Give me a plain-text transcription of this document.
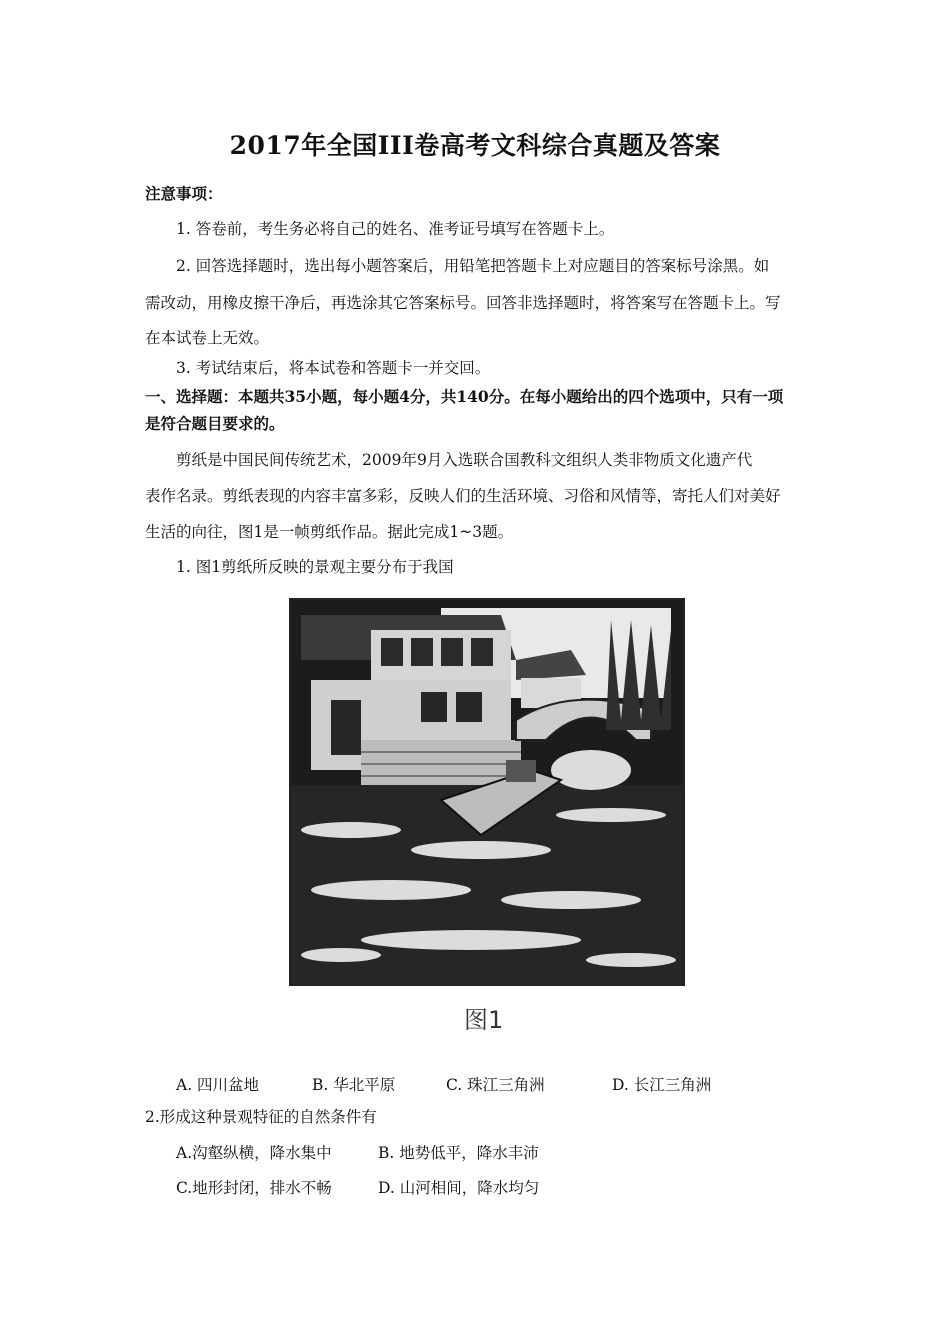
2017年全国III卷高考文科综合真题及答案
注意事项：
1. 答卷前，考生务必将自己的姓名、准考证号填写在答题卡上。
2. 回答选择题时，选出每小题答案后，用铅笔把答题卡上对应题目的答案标号涂黑。如
需改动，用橡皮擦干净后，再选涂其它答案标号。回答非选择题时，将答案写在答题卡上。写
在本试卷上无效。
3. 考试结束后，将本试卷和答题卡一并交回。
一、选择题：本题共35小题，每小题4分，共140分。在每小题给出的四个选项中，只有一项
是符合题目要求的。
剪纸是中国民间传统艺术，2009年9月入选联合国教科文组织人类非物质文化遗产代
表作名录。剪纸表现的内容丰富多彩，反映人们的生活环境、习俗和风情等，寄托人们对美好
生活的向往，图1是一帧剪纸作品。据此完成1~3题。
1. 图1剪纸所反映的景观主要分布于我国
图1
A. 四川盆地	B. 华北平原	C. 珠江三角洲	D. 长江三角洲
2.形成这种景观特征的自然条件有
A.沟壑纵横，降水集中	B. 地势低平，降水丰沛
C.地形封闭，排水不畅	D. 山河相间，降水均匀
